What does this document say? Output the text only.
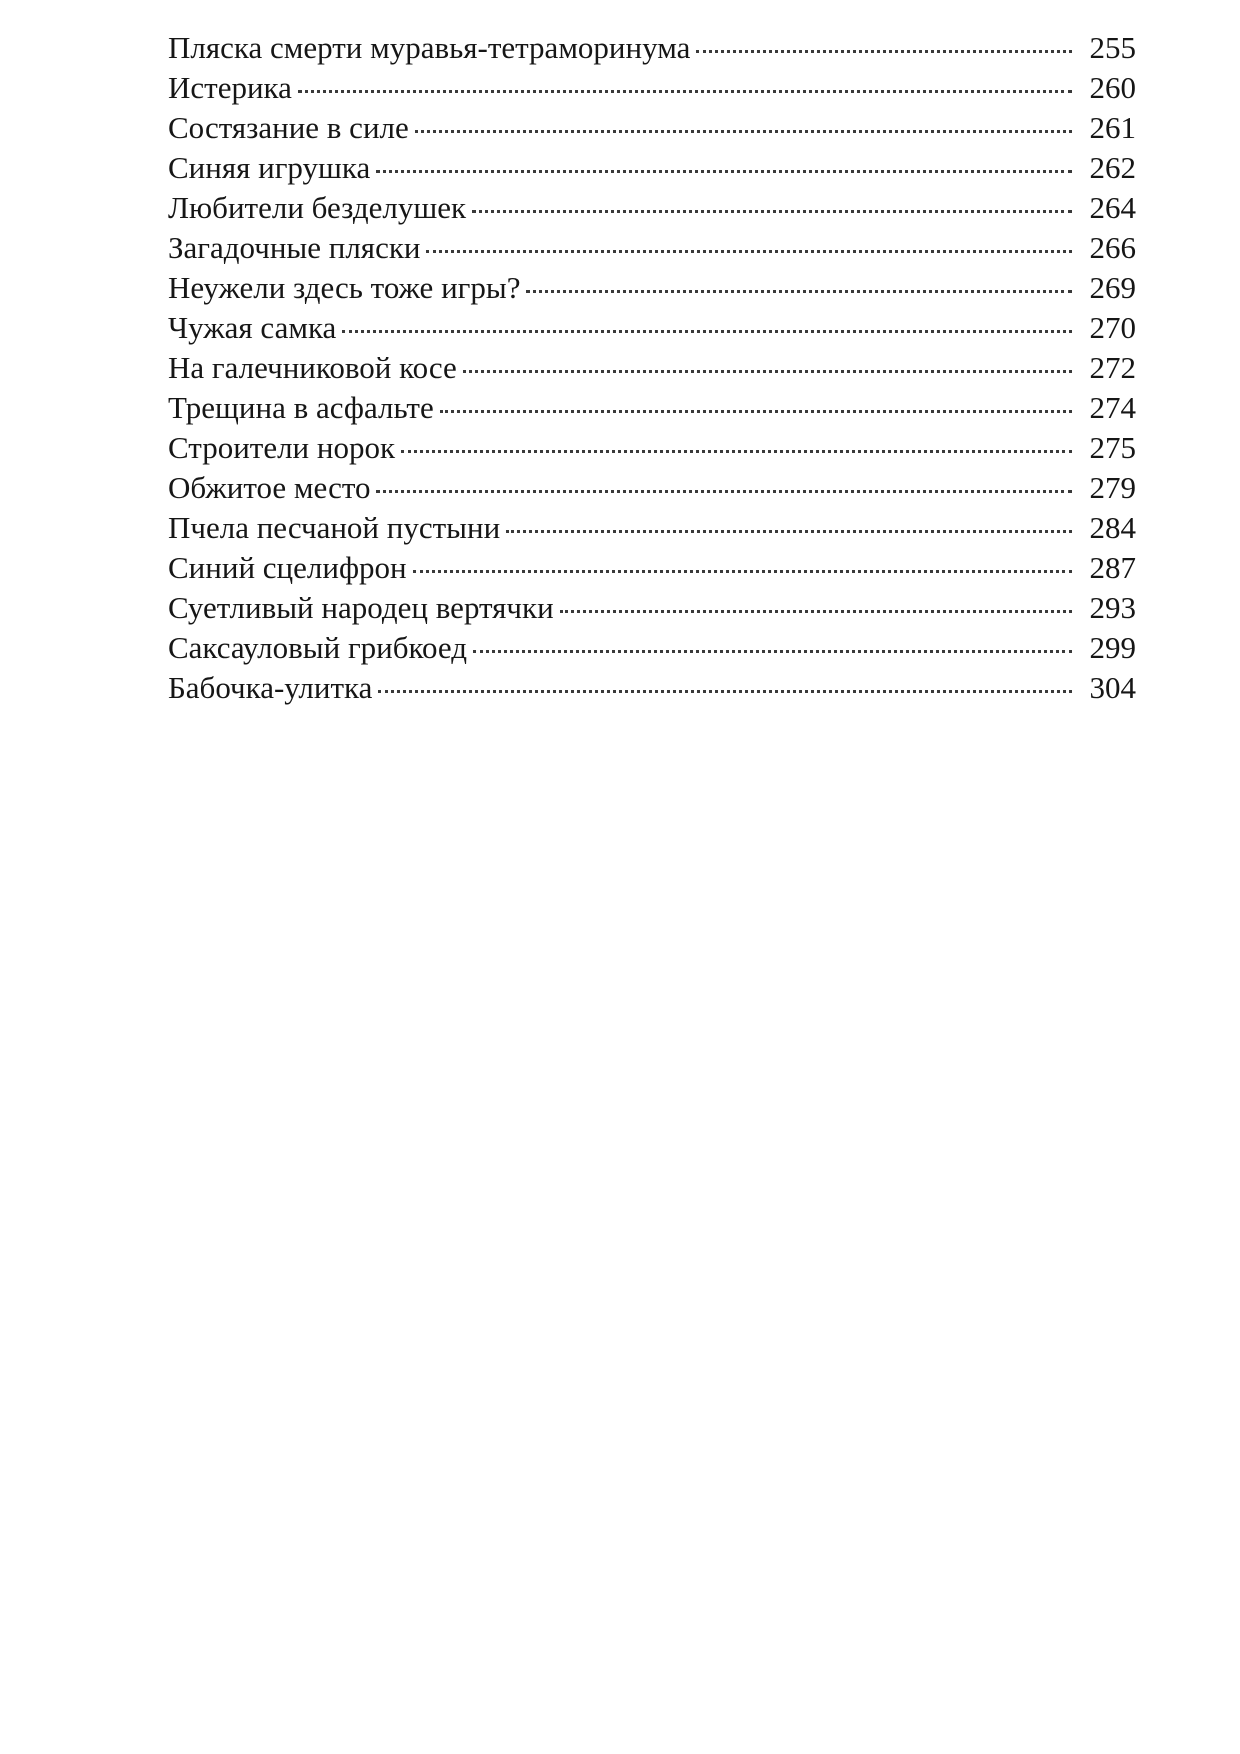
Пляска смерти муравья-тетраморинума	255
Истерика	260
Состязание в силе	261
Синяя игрушка	262
Любители безделушек	264
Загадочные пляски	266
Неужели здесь тоже игры?	269
Чужая самка	270
На галечниковой косе	272
Трещина в асфальте	274
Строители норок	275
Обжитое место	279
Пчела песчаной пустыни	284
Синий сцелифрон	287
Суетливый народец вертячки	293
Саксауловый грибкоед	299
Бабочка-улитка	304
